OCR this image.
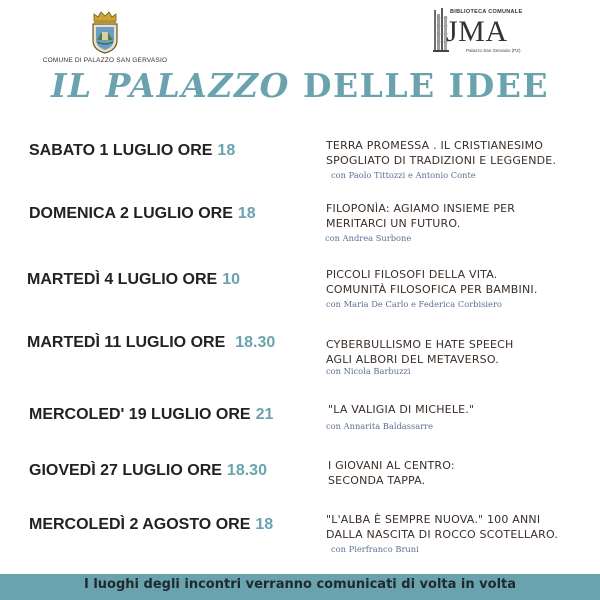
COMUNE DI PALAZZO SAN GERVASIO
BIBLIOTECA COMUNALE
JMA
Palazzo San Gervasio (PZ)
IL PALAZZO DELLE IDEE
SABATO 1 LUGLIO ORE 18	TERRA PROMESSA . IL CRISTIANESIMO
SPOGLIATO DI TRADIZIONI E LEGGENDE.
con Paolo Tittozzi e Antonio Conte
DOMENICA 2 LUGLIO ORE 18	FILOPONÌA: AGIAMO INSIEME PER
MERITARCI UN FUTURO.
con Andrea Surbone
MARTEDÌ 4 LUGLIO ORE 10	PICCOLI FILOSOFI DELLA VITA.
COMUNITÀ FILOSOFICA PER BAMBINI.
con Maria De Carlo e Federica Corbisiero
MARTEDÌ 11 LUGLIO ORE 18.30	CYBERBULLISMO E HATE SPEECH
AGLI ALBORI DEL METAVERSO.
con Nicola Barbuzzi
MERCOLED' 19 LUGLIO ORE 21	"LA VALIGIA DI MICHELE."
con Annarita Baldassarre
GIOVEDÌ 27 LUGLIO ORE 18.30	I GIOVANI AL CENTRO:
SECONDA TAPPA.
MERCOLEDÌ 2 AGOSTO ORE 18	"L'ALBA È SEMPRE NUOVA." 100 ANNI
DALLA NASCITA DI ROCCO SCOTELLARO.
con Pierfranco Bruni
I luoghi degli incontri verranno comunicati di volta in volta
